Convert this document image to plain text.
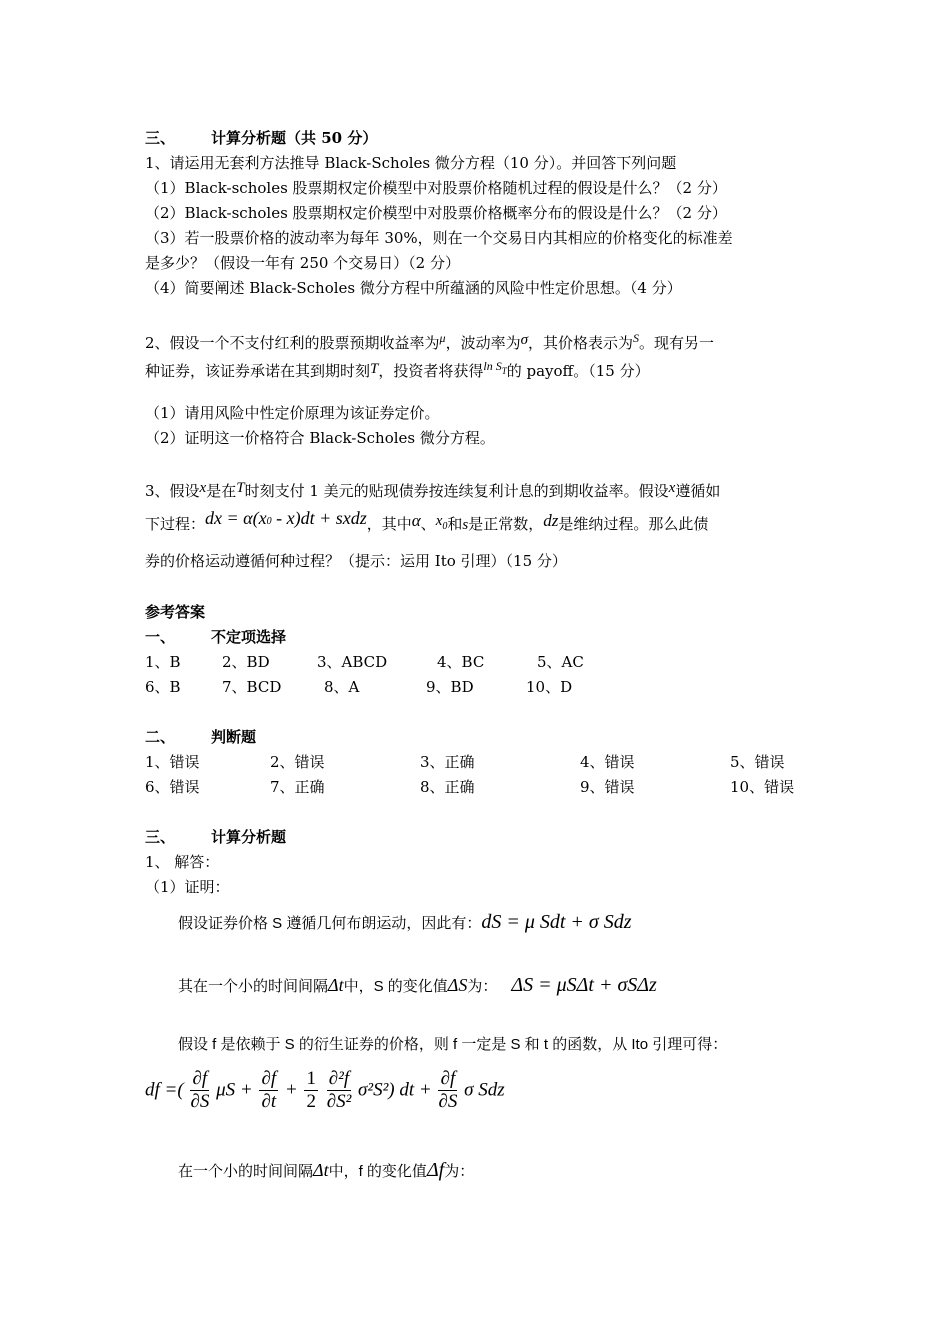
三、 计算分析题（共 50 分）
1、请运用无套利方法推导 Black-Scholes 微分方程（10 分）。并回答下列问题
（1）Black-scholes 股票期权定价模型中对股票价格随机过程的假设是什么？（2 分）
（2）Black-scholes 股票期权定价模型中对股票价格概率分布的假设是什么？（2 分）
（3）若一股票价格的波动率为每年 30%，则在一个交易日内其相应的价格变化的标准差
是多少？（假设一年有 250 个交易日）（2 分）
（4）简要阐述 Black-Scholes 微分方程中所蕴涵的风险中性定价思想。（4 分）
2、假设一个不支付红利的股票预期收益率为$^\mu$，波动率为σ，其价格表示为$^S$。现有另一
种证券，该证券承诺在其到期时刻T，投资者将获得$^{ln S}$T的 payoff。（15 分）
（1）请用风险中性定价原理为该证券定价。
（2）证明这一价格符合 Black-Scholes 微分方程。
3、假设x是在T时刻支付 1 美元的贴现债券按连续复利计息的到期收益率。假设x遵循如
下过程：dx = α(x0 - x)dt + sxdz，其中α、x0和s是正常数，dz是维纳过程。那么此债
券的价格运动遵循何种过程？（提示：运用 Ito 引理）（15 分）
参考答案
一、 不定项选择
1、B	2、BD	3、ABCD	4、BC	5、AC
6、B	7、BCD	8、A	9、BD	10、D
二、 判断题
1、错误	2、错误	3、正确	4、错误	5、错误
6、错误	7、正确	8、正确	9、错误	10、错误
三、 计算分析题
1、 解答：
（1）证明：
假设证券价格 S 遵循几何布朗运动，因此有：dS = μ Sdt + σ Sdz
其在一个小的时间间隔Δt中，S 的变化值ΔS为： ΔS = μSΔt + σSΔz
假设 f 是依赖于 S 的衍生证券的价格，则 f 一定是 S 和 t 的函数，从 Ito 引理可得：
df =( $\frac{\partial f}{\partial S}$ $\mu S + \frac{\partial f}{\partial t} + \frac{1}{2}$
$\frac{\text{∂²f}}{\text{∂S²}} \sigma^2S^2$) dt + $\frac{\partial f}{\partial S}$ σ Sdz
在一个小的时间间隔Δt中，f 的变化值Δf为：
